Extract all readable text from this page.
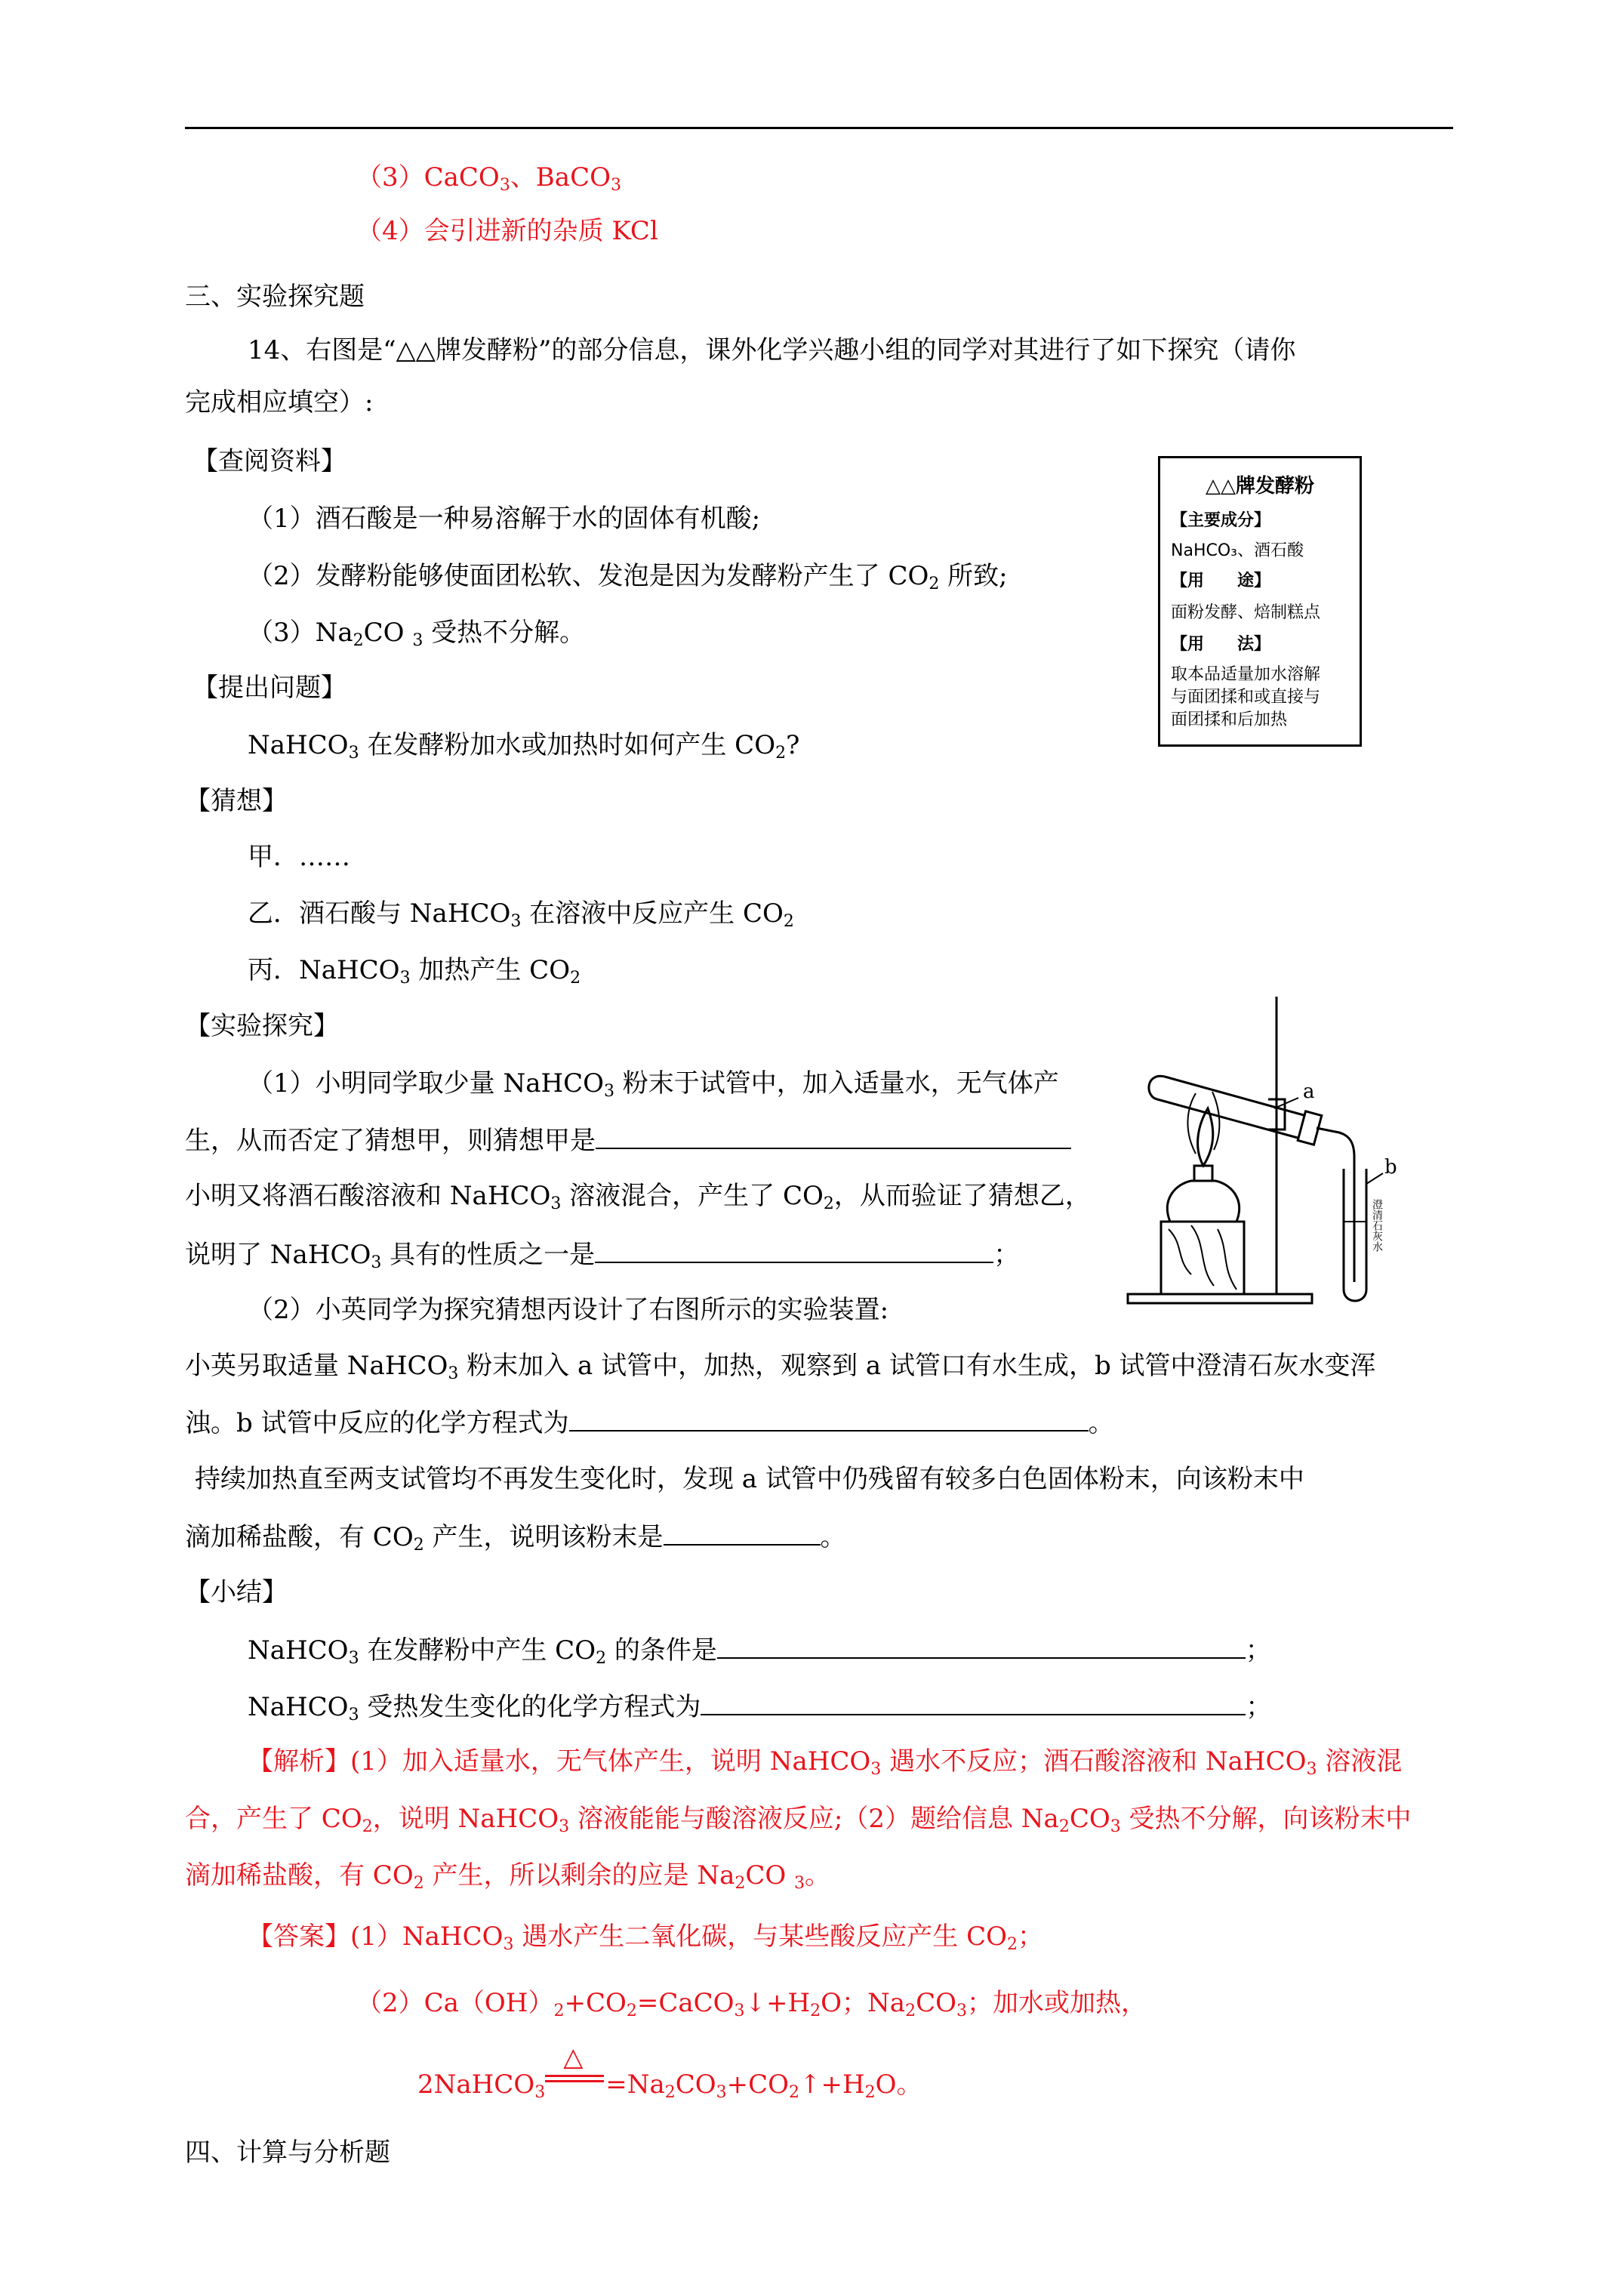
（3）CaCO$_3$、BaCO$_3$
（4）会引进新的杂质 KCl
三、实验探究题
14、右图是“△△牌发酵粉”的部分信息，课外化学兴趣小组的同学对其进行了如下探究（请你
完成相应填空）:
【查阅资料】
（1）酒石酸是一种易溶解于水的固体有机酸;
（2）发酵粉能够使面团松软、发泡是因为发酵粉产生了 $CO_2$ 所致;
$(3)Na_2CO$ $_3$ 受热不分解。
【提出问题】
NaHCO$_3$ 在发酵粉加水或加热时如何产生 $CO_2$?
【猜想】
甲．……
乙．酒石酸与 NaHCO$_3$ 在溶液中反应产生 $CO_2$
丙．NaHCO$_3$ 加热产生 $CO_2$
【实验探究】
（1）小明同学取少量 NaHCO$_3$ 粉末于试管中，加入适量水，无气体产
生，从而否定了猜想甲，则猜想甲是
小明又将酒石酸溶液和 NaHCO$_3$ 溶液混合，产生了 $CO_2$，从而验证了猜想乙，
说明了 NaHCO$_3$ 具有的性质之一是	；
（2）小英同学为探究猜想丙设计了右图所示的实验装置:
小英另取适量 NaHCO$_3$ 粉末加入 a 试管中，加热，观察到 a 试管口有水生成，b 试管中澄清石灰水变浑
浊。b 试管中反应的化学方程式为	。
持续加热直至两支试管均不再发生变化时，发现 a 试管中仍残留有较多白色固体粉末，向该粉末中
滴加稀盐酸，有 $CO_2$ 产生，说明该粉末是	。
【小结】
NaHCO$_3$ 在发酵粉中产生 $CO_2$ 的条件是	；
NaHCO$_3$ 受热发生变化的化学方程式为	；
【解析】(1）加入适量水，无气体产生，说明 NaHCO$_3$ 遇水不反应；酒石酸溶液和 NaHCO$_3$ 溶液混
合，产生了 $CO_2$，说明 NaHCO$_3$ 溶液能能与酸溶液反应;（2）题给信息 $Na_2CO_3$ 受热不分解，向该粉末中
滴加稀盐酸，有 $CO_2$ 产生，所以剩余的应是 $Na_2CO$ $_3$。
【答案】(1）NaHCO$_3$ 遇水产生二氧化碳，与某些酸反应产生 $CO_2$；
$(2)Ca(OH)_2+CO_2=CaCO_3↓+H_2O$；$Na_2CO_3$；加水或加热，
2NaHCO$_3$
△
$=Na_2CO_3+CO_2↑+H_2O$。
四、计算与分析题
△△牌发酵粉
【主要成分】
NaHCO₃、酒石酸
【用　　途】
面粉发酵、焙制糕点
【用　　法】
取本品适量加水溶解
与面团揉和或直接与
面团揉和后加热
a
b
澄清石灰水
